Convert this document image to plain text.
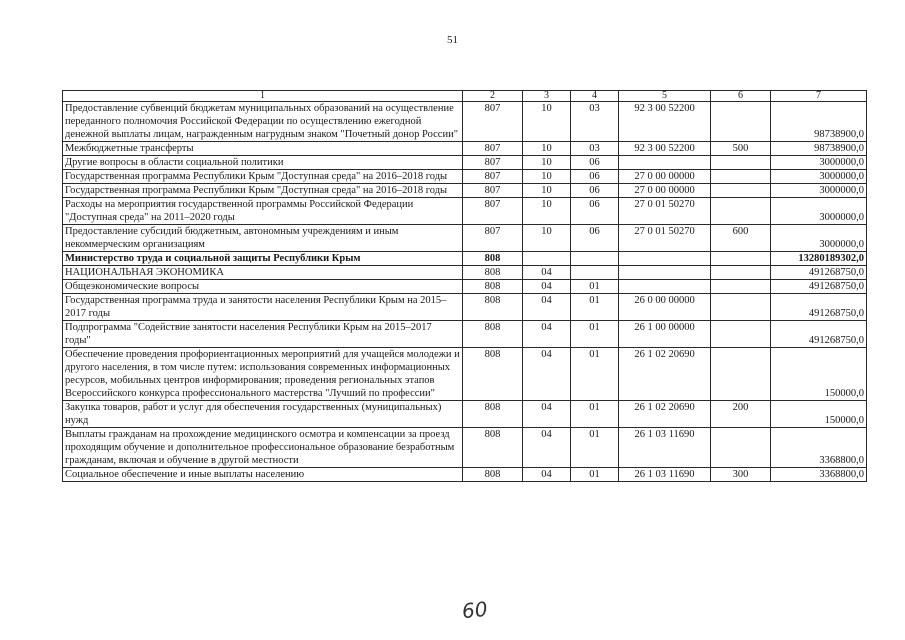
51
1	2	3	4	5	6	7
Предоставление субвенций бюджетам муниципальных образований на осуществление переданного полномочия Российской Федерации по осуществлению ежегодной денежной выплаты лицам, награжденным нагрудным знаком "Почетный донор России"	807	10	03	92 3 00 52200		98738900,0
Межбюджетные трансферты	807	10	03	92 3 00 52200	500	98738900,0
Другие вопросы в области социальной политики	807	10	06			3000000,0
Государственная программа Республики Крым "Доступная среда" на 2016–2018 годы	807	10	06	27 0 00 00000		3000000,0
Государственная программа Республики Крым "Доступная среда" на 2016–2018 годы	807	10	06	27 0 00 00000		3000000,0
Расходы на мероприятия государственной программы Российской Федерации "Доступная среда" на 2011–2020 годы	807	10	06	27 0 01 50270		3000000,0
Предоставление субсидий бюджетным, автономным учреждениям и иным некоммерческим организациям	807	10	06	27 0 01 50270	600	3000000,0
Министерство труда и социальной защиты Республики Крым	808					13280189302,0
НАЦИОНАЛЬНАЯ ЭКОНОМИКА	808	04				491268750,0
Общеэкономические вопросы	808	04	01			491268750,0
Государственная программа труда и занятости населения Республики Крым на 2015–2017 годы	808	04	01	26 0 00 00000		491268750,0
Подпрограмма "Содействие занятости населения Республики Крым на 2015–2017 годы"	808	04	01	26 1 00 00000		491268750,0
Обеспечение проведения профориентационных мероприятий для учащейся молодежи и другого населения, в том числе путем: использования современных информационных ресурсов, мобильных центров информирования; проведения региональных этапов Всероссийского конкурса профессионального мастерства "Лучший по профессии"	808	04	01	26 1 02 20690		150000,0
Закупка товаров, работ и услуг для обеспечения государственных (муниципальных) нужд	808	04	01	26 1 02 20690	200	150000,0
Выплаты гражданам на прохождение медицинского осмотра и компенсации за проезд проходящим обучение и дополнительное профессиональное образование безработным гражданам, включая и обучение в другой местности	808	04	01	26 1 03 11690		3368800,0
Социальное обеспечение и иные выплаты населению	808	04	01	26 1 03 11690	300	3368800,0
60
